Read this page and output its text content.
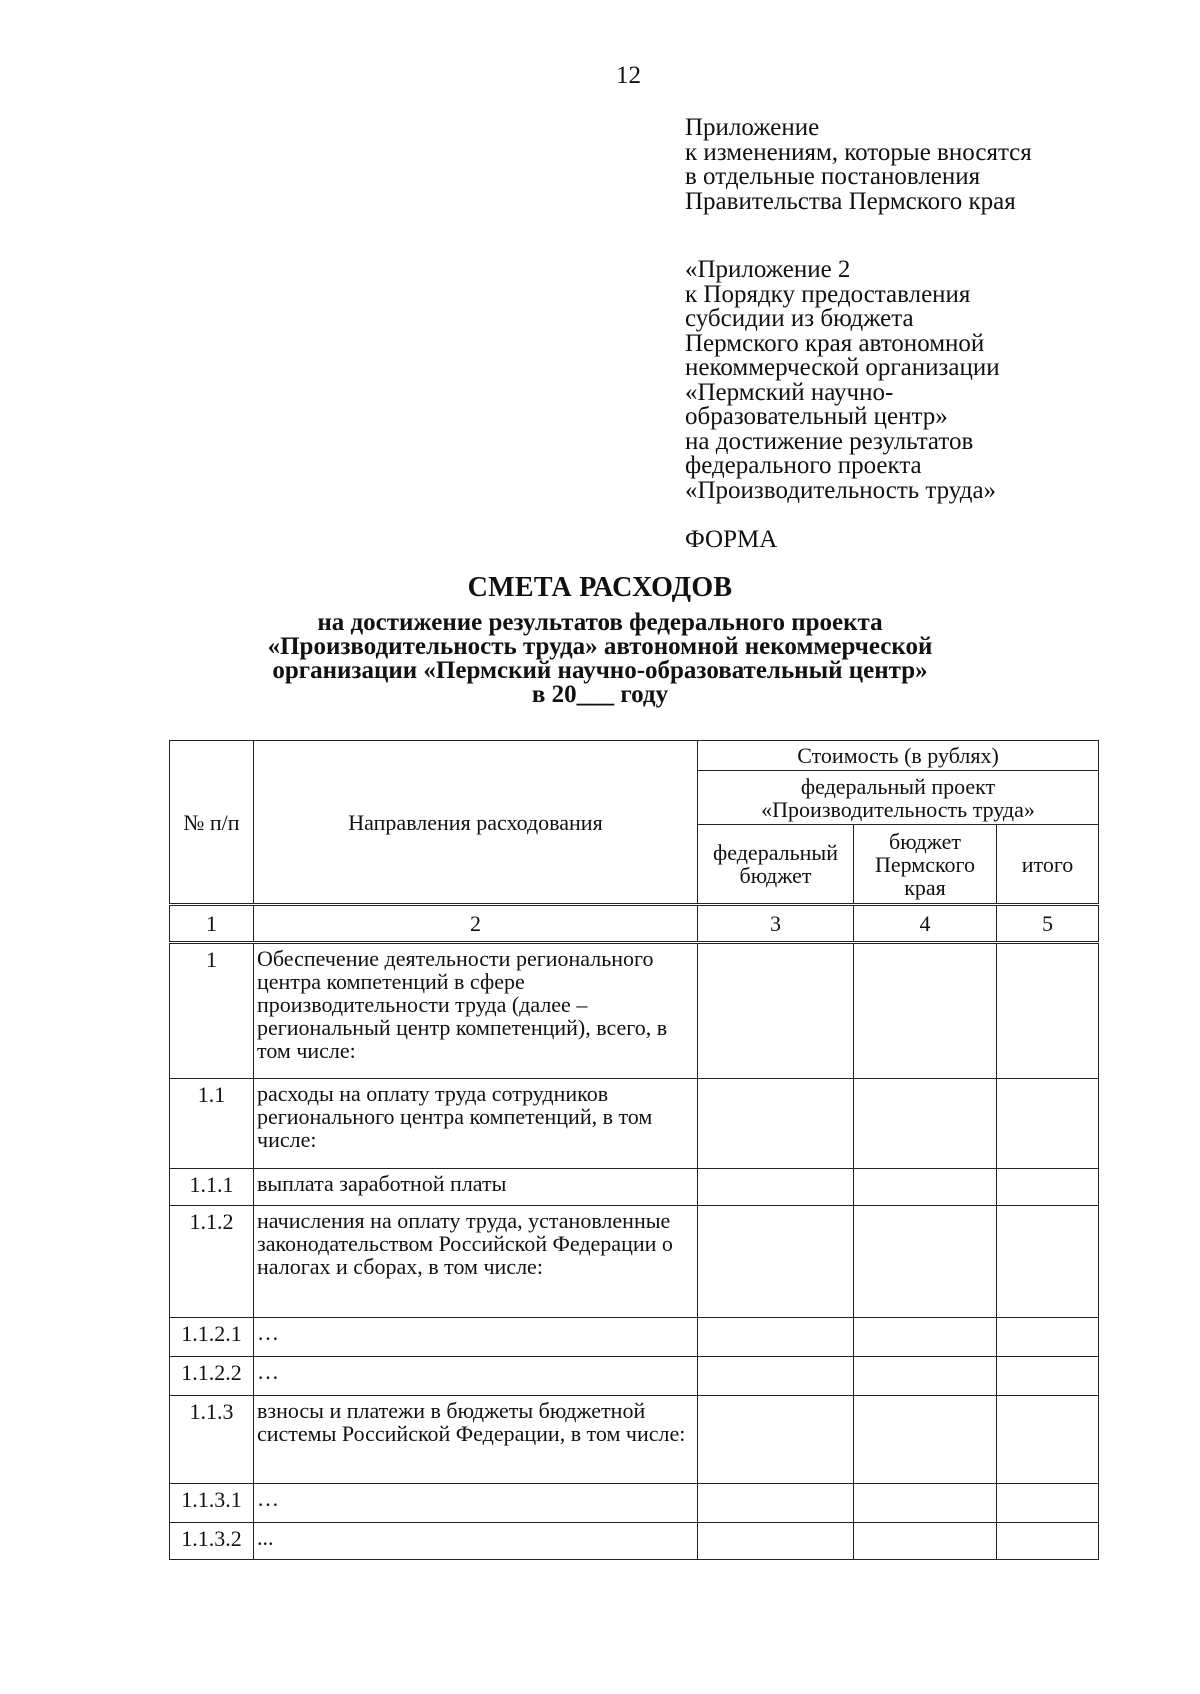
12
Приложение
к изменениям, которые вносятся
в отдельные постановления
Правительства Пермского края
«Приложение 2
к Порядку предоставления
субсидии из бюджета
Пермского края автономной
некоммерческой организации
«Пермский научно-
образовательный центр»
на достижение результатов
федерального проекта
«Производительность труда»
ФОРМА
СМЕТА РАСХОДОВ
на достижение результатов федерального проекта
«Производительность труда» автономной некоммерческой
организации «Пермский научно-образовательный центр»
в 20___ году
№ п/п	Направления расходования	Стоимость (в рублях)		
		федеральный проект «Производительность труда»		
		федеральный бюджет	бюджет Пермского края	итого
1	2	3	4	5
1	Обеспечение деятельности регионального центра компетенций в сфере производительности труда (далее – региональный центр компетенций), всего, в том числе:			
1.1	расходы на оплату труда сотрудников регионального центра компетенций, в том числе:			
1.1.1	выплата заработной платы			
1.1.2	начисления на оплату труда, установленные законодательством Российской Федерации о налогах и сборах, в том числе:			
1.1.2.1	…			
1.1.2.2	…			
1.1.3	взносы и платежи в бюджеты бюджетной системы Российской Федерации, в том числе:			
1.1.3.1	…			
1.1.3.2	...			
